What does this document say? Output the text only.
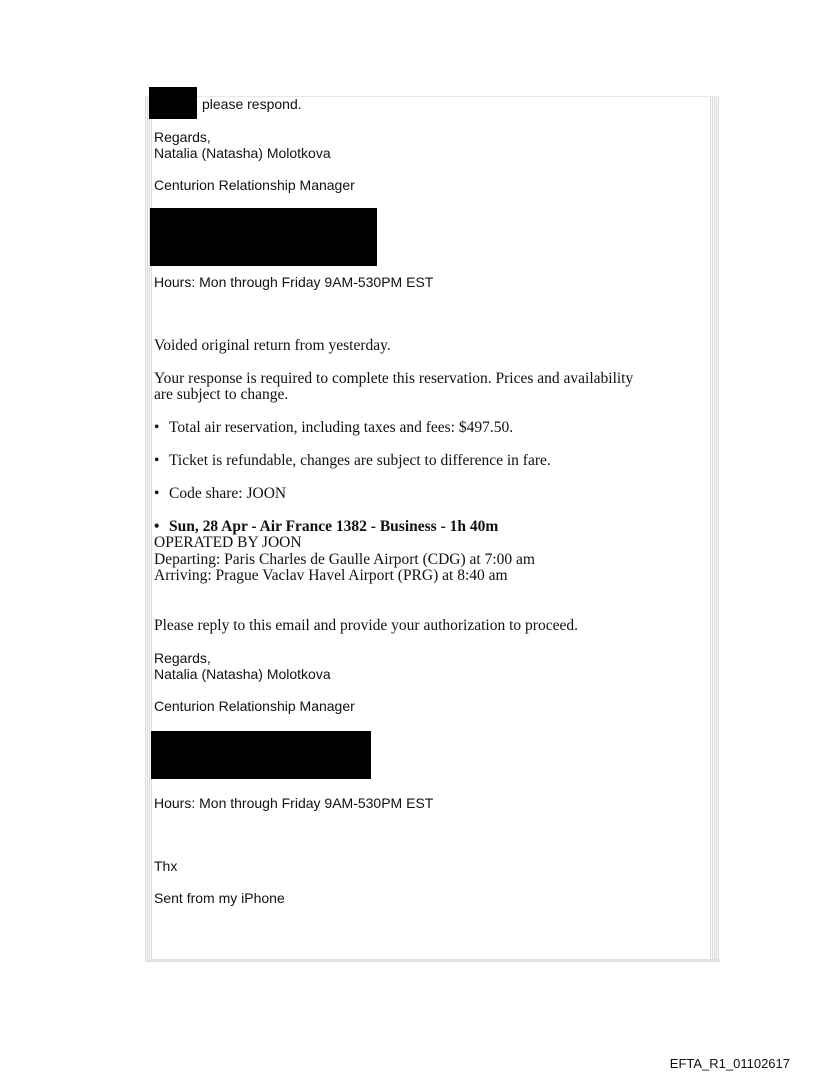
please respond.
Regards,
Natalia (Natasha) Molotkova
Centurion Relationship Manager
Hours: Mon through Friday 9AM-530PM EST
Voided original return from yesterday.
Your response is required to complete this reservation. Prices and availability
are subject to change.
• Total air reservation, including taxes and fees: $497.50.
• Ticket is refundable, changes are subject to difference in fare.
• Code share: JOON
• Sun, 28 Apr - Air France 1382 - Business - 1h 40m
OPERATED BY JOON
Departing: Paris Charles de Gaulle Airport (CDG) at 7:00 am
Arriving: Prague Vaclav Havel Airport (PRG) at 8:40 am
Please reply to this email and provide your authorization to proceed.
Regards,
Natalia (Natasha) Molotkova
Centurion Relationship Manager
Hours: Mon through Friday 9AM-530PM EST
Thx
Sent from my iPhone
EFTA_R1_01102617
